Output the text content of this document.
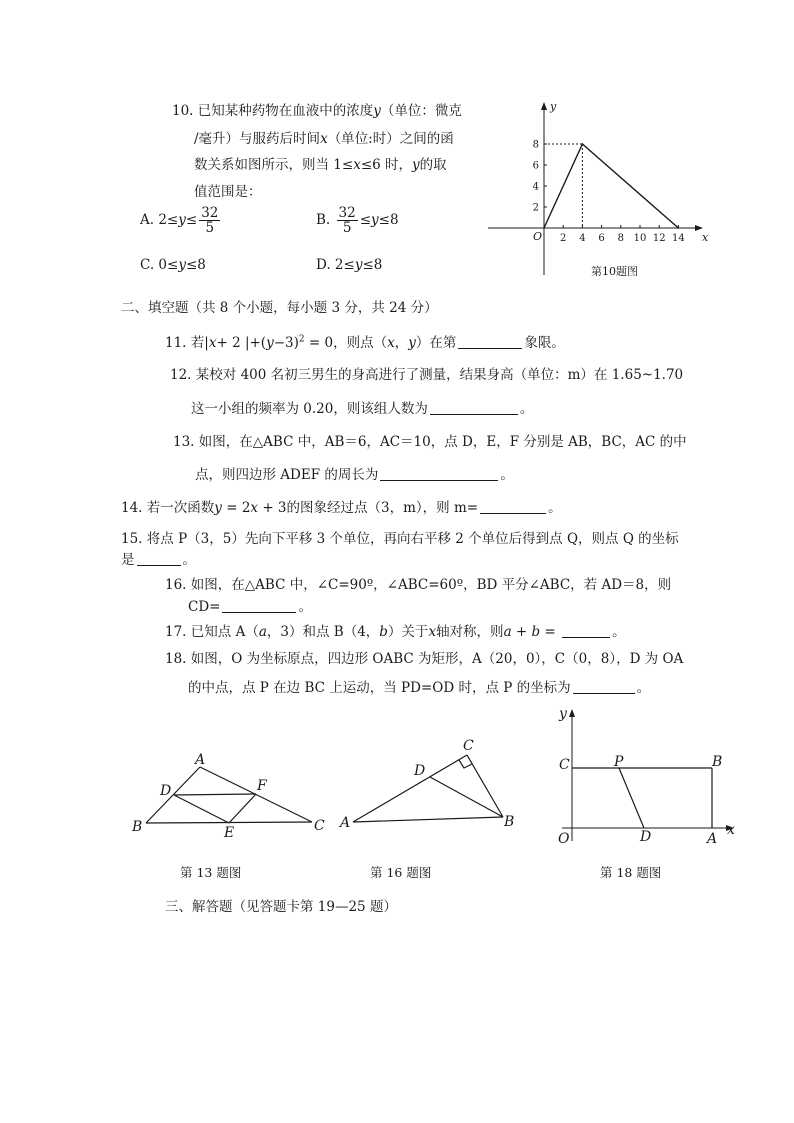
10. 已知某种药物在血液中的浓度y（单位：微克
/毫升）与服药后时间x（单位:时）之间的函
数关系如图所示，则当 1≤x≤6 时，y的取
值范围是：
A. $2\le y\le \frac{32}{5}$	B. $\frac{32}{5} \le y\le 8$
C. 0≤y≤8	D. 2≤y≤8
x
y
O 2 4 6 8 10 12 14
2
4
6
8
第10题图
二、填空题（共 8 个小题，每小题 3 分，共 24 分）
11. 若|x+ 2 $|+(y-3)^2 = 0$，则点（x，y）在第	象限。
12. 某校对 400 名初三男生的身高进行了测量，结果身高（单位：m）在 1.65~1.70
这一小组的频率为 0.20，则该组人数为	。
13. 如图，在△ABC 中，AB＝6，AC＝10，点 D，E，F 分别是 AB，BC，AC 的中
点，则四边形 ADEF 的周长为	。
14. 若一次函数y = 2x + 3的图象经过点（3，m），则 m=	。
15. 将点 P（3，5）先向下平移 3 个单位，再向右平移 2 个单位后得到点 Q，则点 Q 的坐标
是	。
16. 如图，在△ABC 中，∠C=90º，∠ABC=60º，BD 平分∠ABC，若 AD＝8，则
CD=	。
17. 已知点 A（a，3）和点 B（4，b）关于x轴对称，则a + b =	。
18. 如图，O 为坐标原点，四边形 OABC 为矩形，A（20，0），C（0，8），D 为 OA
的中点，点 P 在边 BC 上运动，当 PD=OD 时，点 P 的坐标为	。
A
D	F
B	E	C
第 13 题图
C
D
A	B
第 16 题图
y
x
C	P	B
O	D	A
第 18 题图
三、解答题（见答题卡第 19—25 题）
